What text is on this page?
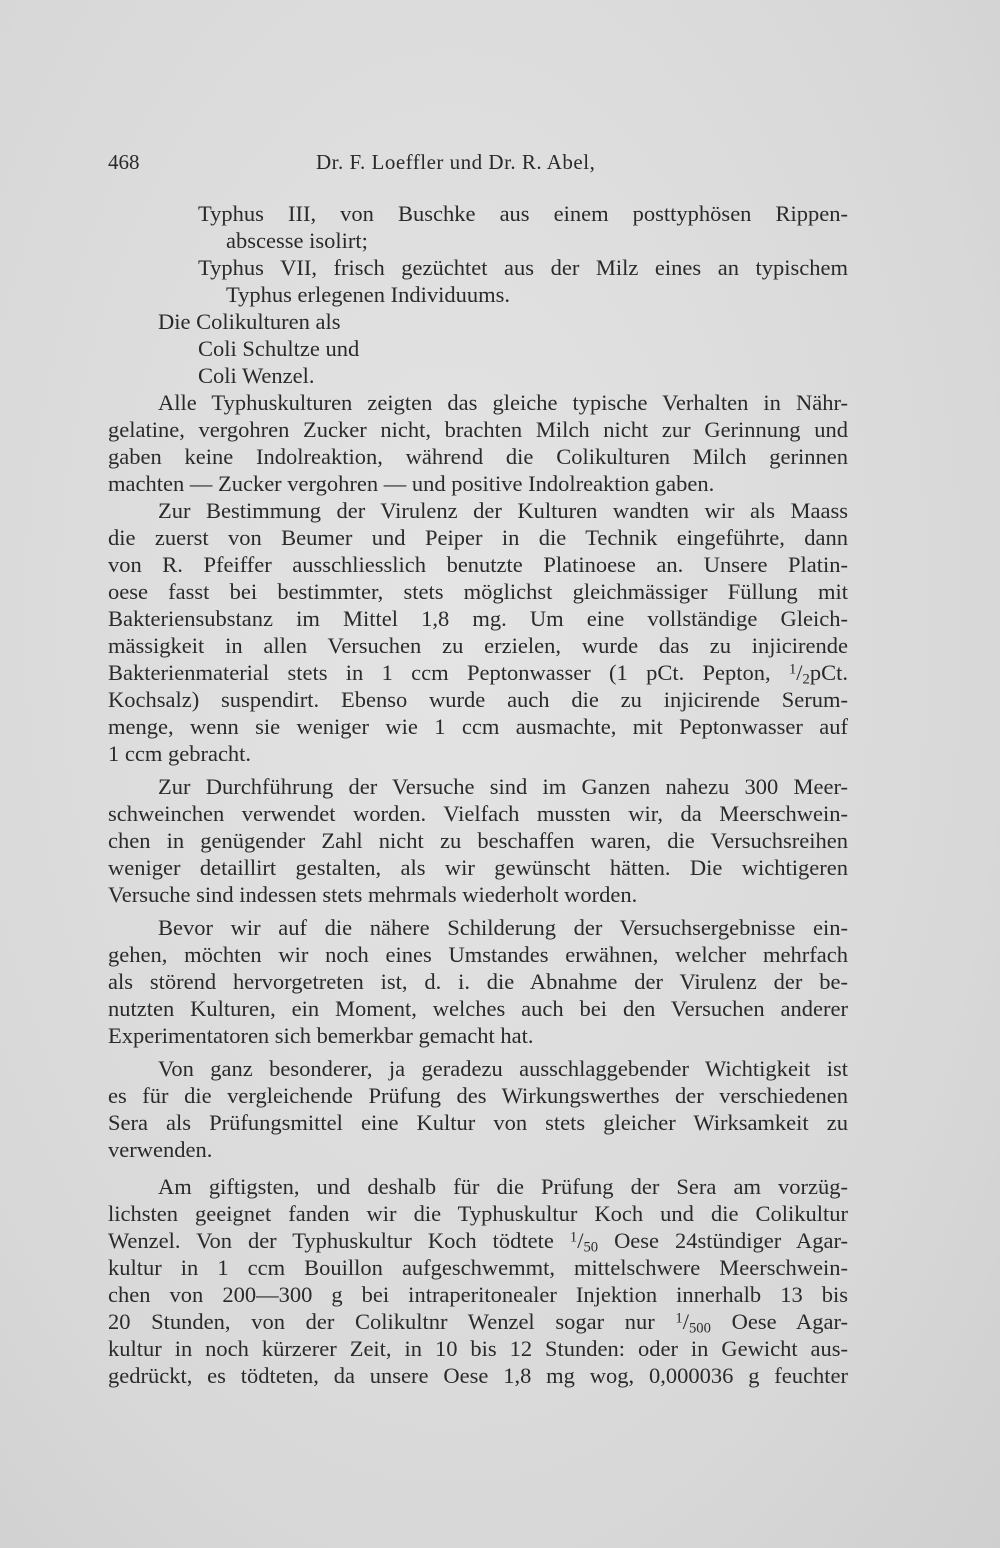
468	Dr. F. Loeffler und Dr. R. Abel,
Typhus III, von Buschke aus einem posttyphösen Rippen-
abscesse isolirt;
Typhus VII, frisch gezüchtet aus der Milz eines an typischem
Typhus erlegenen Individuums.
Die Colikulturen als
Coli Schultze und
Coli Wenzel.
Alle Typhuskulturen zeigten das gleiche typische Verhalten in Nähr-
gelatine, vergohren Zucker nicht, brachten Milch nicht zur Gerinnung und
gaben keine Indolreaktion, während die Colikulturen Milch gerinnen
machten — Zucker vergohren — und positive Indolreaktion gaben.
Zur Bestimmung der Virulenz der Kulturen wandten wir als Maass
die zuerst von Beumer und Peiper in die Technik eingeführte, dann
von R. Pfeiffer ausschliesslich benutzte Platinoese an. Unsere Platin-
oese fasst bei bestimmter, stets möglichst gleichmässiger Füllung mit
Bakteriensubstanz im Mittel 1,8 mg. Um eine vollständige Gleich-
mässigkeit in allen Versuchen zu erzielen, wurde das zu injicirende
Bakterienmaterial stets in 1 ccm Peptonwasser (1 pCt. Pepton, $^1/_2pCt$.
Kochsalz) suspendirt. Ebenso wurde auch die zu injicirende Serum-
menge, wenn sie weniger wie 1 ccm ausmachte, mit Peptonwasser auf
1 ccm gebracht.
Zur Durchführung der Versuche sind im Ganzen nahezu 300 Meer-
schweinchen verwendet worden. Vielfach mussten wir, da Meerschwein-
chen in genügender Zahl nicht zu beschaffen waren, die Versuchsreihen
weniger detaillirt gestalten, als wir gewünscht hätten. Die wichtigeren
Versuche sind indessen stets mehrmals wiederholt worden.
Bevor wir auf die nähere Schilderung der Versuchsergebnisse ein-
gehen, möchten wir noch eines Umstandes erwähnen, welcher mehrfach
als störend hervorgetreten ist, d. i. die Abnahme der Virulenz der be-
nutzten Kulturen, ein Moment, welches auch bei den Versuchen anderer
Experimentatoren sich bemerkbar gemacht hat.
Von ganz besonderer, ja geradezu ausschlaggebender Wichtigkeit ist
es für die vergleichende Prüfung des Wirkungswerthes der verschiedenen
Sera als Prüfungsmittel eine Kultur von stets gleicher Wirksamkeit zu
verwenden.
Am giftigsten, und deshalb für die Prüfung der Sera am vorzüg-
lichsten geeignet fanden wir die Typhuskultur Koch und die Colikultur
Wenzel. Von der Typhuskultur Koch tödtete $^1/_{50}$ Oese 24stündiger Agar-
kultur in 1 ccm Bouillon aufgeschwemmt, mittelschwere Meerschwein-
chen von 200—300 g bei intraperitonealer Injektion innerhalb 13 bis
20 Stunden, von der Colikultnr Wenzel sogar nur $^1/_{500}$ Oese Agar-
kultur in noch kürzerer Zeit, in 10 bis 12 Stunden: oder in Gewicht aus-
gedrückt, es tödteten, da unsere Oese 1,8 mg wog, 0,000036 g feuchter
